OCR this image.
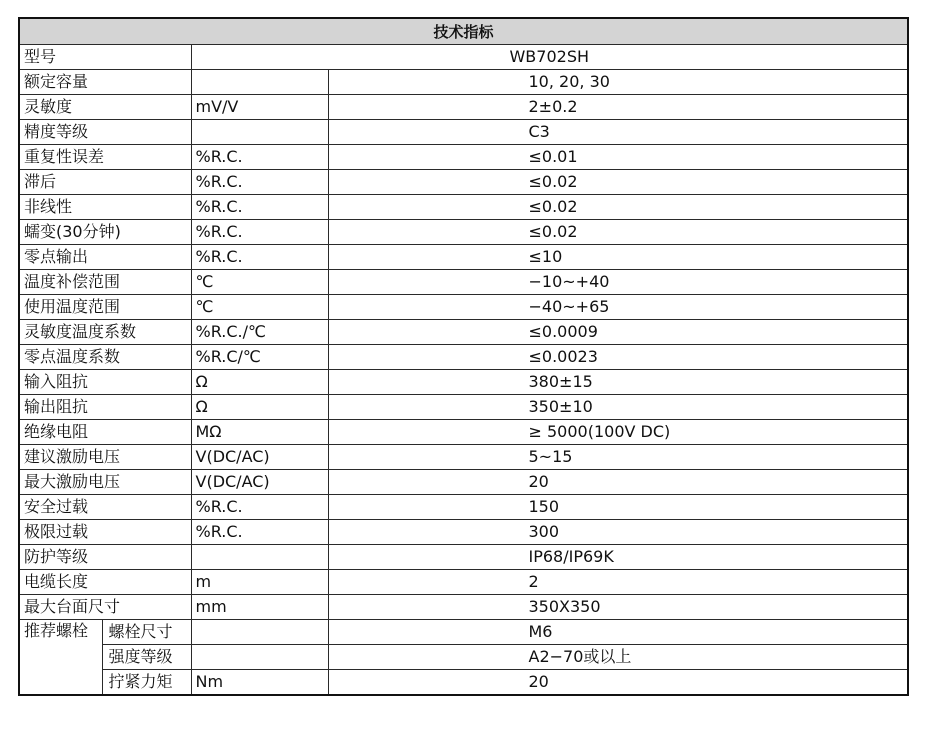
技术指标			
型号		WB702SH	
额定容量			10, 20, 30
灵敏度		mV/V	2±0.2
精度等级			C3
重复性误差		%R.C.	≤0.01
滞后		%R.C.	≤0.02
非线性		%R.C.	≤0.02
蠕变(30分钟)		%R.C.	≤0.02
零点输出		%R.C.	≤10
温度补偿范围		℃	−10~+40
使用温度范围		℃	−40~+65
灵敏度温度系数		%R.C./℃	≤0.0009
零点温度系数		%R.C/℃	≤0.0023
输入阻抗		Ω	380±15
输出阻抗		Ω	350±10
绝缘电阻		MΩ	≥ 5000(100V DC)
建议激励电压		V(DC/AC)	5~15
最大激励电压		V(DC/AC)	20
安全过载		%R.C.	150
极限过载		%R.C.	300
防护等级			IP68/IP69K
电缆长度		m	2
最大台面尺寸		mm	350X350
推荐螺栓	螺栓尺寸		M6
	强度等级		A2−70或以上
	拧紧力矩	Nm	20
